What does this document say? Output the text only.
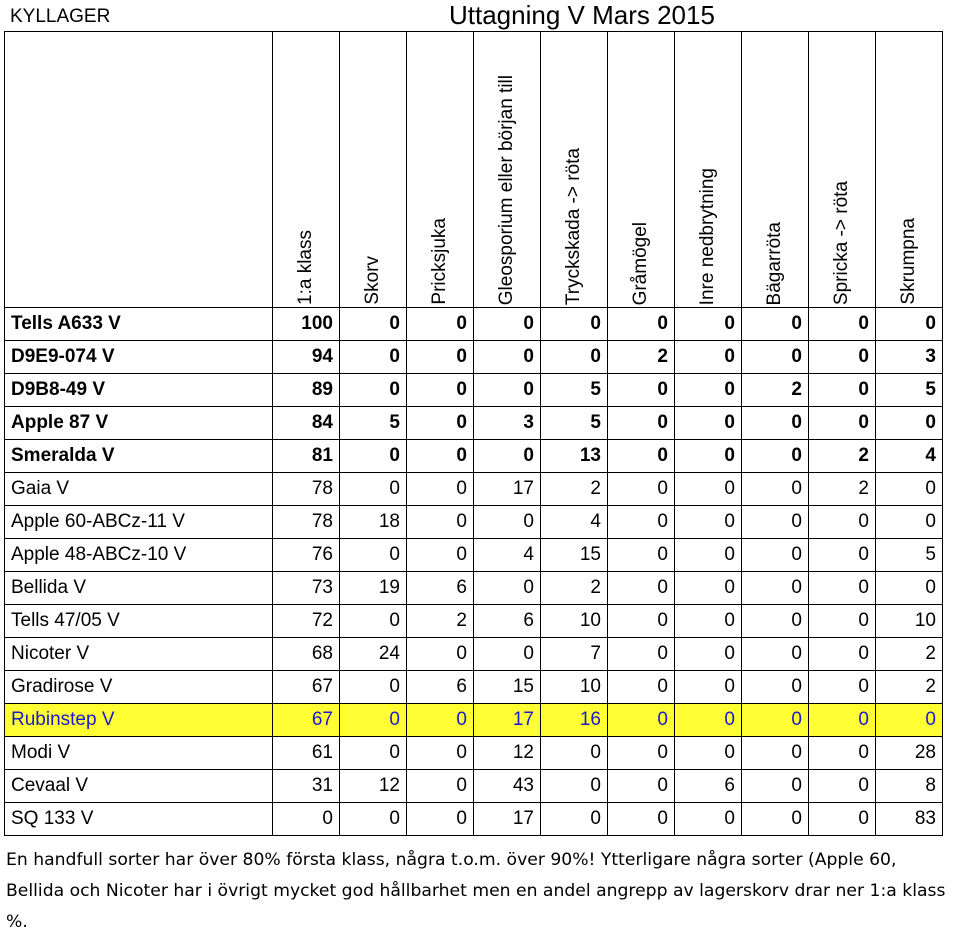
KYLLAGER	Uttagning V Mars 2015

	1:a klass	Skorv	Pricksjuka	Gleosporium eller början till	Tryckskada -> röta	Gråmögel	Inre nedbrytning	Bägarröta	Spricka -> röta	Skrumpna

Tells A633 V	100	0	0	0	0	0	0	0	0	0
D9E9-074 V	94	0	0	0	0	2	0	0	0	3
D9B8-49 V	89	0	0	0	5	0	0	2	0	5
Apple 87 V	84	5	0	3	5	0	0	0	0	0
Smeralda V	81	0	0	0	13	0	0	0	2	4
Gaia V	78	0	0	17	2	0	0	0	2	0
Apple 60-ABCz-11 V	78	18	0	0	4	0	0	0	0	0
Apple 48-ABCz-10 V	76	0	0	4	15	0	0	0	0	5
Bellida V	73	19	6	0	2	0	0	0	0	0
Tells 47/05 V	72	0	2	6	10	0	0	0	0	10
Nicoter V	68	24	0	0	7	0	0	0	0	2
Gradirose V	67	0	6	15	10	0	0	0	0	2
Rubinstep V	67	0	0	17	16	0	0	0	0	0
Modi V	61	0	0	12	0	0	0	0	0	28
Cevaal V	31	12	0	43	0	0	6	0	0	8
SQ 133 V	0	0	0	17	0	0	0	0	0	83
En handfull sorter har över 80% första klass, några t.o.m. över 90%! Ytterligare några sorter (Apple 60, Bellida och Nicoter har i övrigt mycket god hållbarhet men en andel angrepp av lagerskorv drar ner 1:a klass %.
